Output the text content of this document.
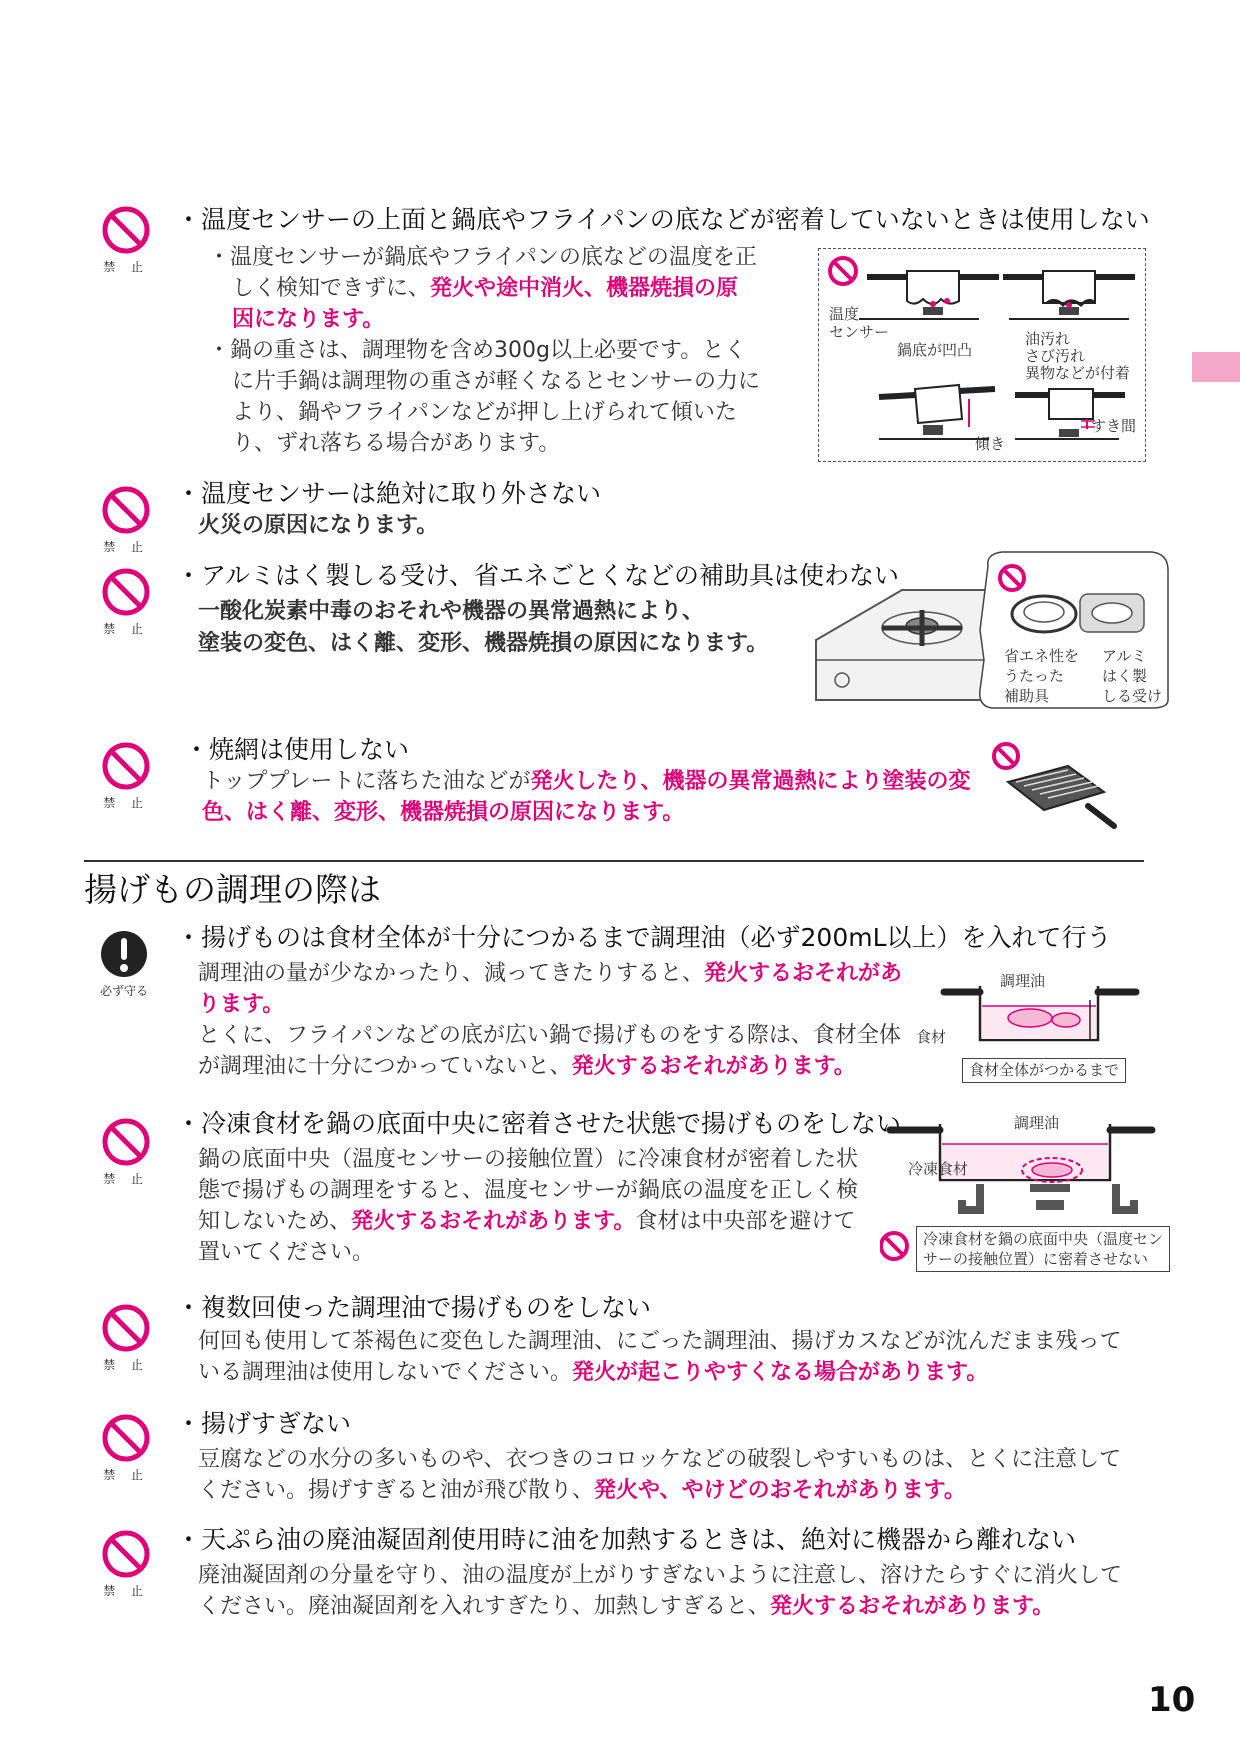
禁 止
・温度センサーの上面と鍋底やフライパンの底などが密着していないときは使用しない

・温度センサーが鍋底やフライパンの底などの温度を正しく検知できずに、発火や途中消火、機器焼損の原因になります。

・鍋の重さは、調理物を含め300g以上必要です。とくに片手鍋は調理物の重さが軽くなるとセンサーの力により、鍋やフライパンなどが押し上げられて傾いたり、ずれ落ちる場合があります。

温度
センサー
鍋底が凹凸
油汚れ
さび汚れ
異物などが付着
傾き
すき間
禁 止
・温度センサーは絶対に取り外さない
火災の原因になります。
禁 止
・アルミはく製しる受け、省エネごとくなどの補助具は使わない
一酸化炭素中毒のおそれや機器の異常過熱により、
塗装の変色、はく離、変形、機器焼損の原因になります。	省エネ性を
うたった
補助具
アルミ
はく製
しる受け
禁 止
・焼網は使用しない
トッププレートに落ちた油などが発火したり、機器の異常過熱により塗装の変色、はく離、変形、機器焼損の原因になります。
揚げもの調理の際は
必ず守る
・揚げものは食材全体が十分につかるまで調理油（必ず200mL以上）を入れて行う

調理油の量が少なかったり、減ってきたりすると、発火するおそれがあります。

とくに、フライパンなどの底が広い鍋で揚げものをする際は、食材全体が調理油に十分につかっていないと、発火するおそれがあります。

調理油
食材
食材全体がつかるまで
禁 止
・冷凍食材を鍋の底面中央に密着させた状態で揚げものをしない
鍋の底面中央（温度センサーの接触位置）に冷凍食材が密着した状態で揚げもの調理をすると、温度センサーが鍋底の温度を正しく検知しないため、発火するおそれがあります。食材は中央部を避けて置いてください。
調理油
冷凍食材
冷凍食材を鍋の底面中央（温度センサーの接触位置）に密着させない
禁 止
・複数回使った調理油で揚げものをしない
何回も使用して茶褐色に変色した調理油、にごった調理油、揚げカスなどが沈んだまま残っている調理油は使用しないでください。発火が起こりやすくなる場合があります。
禁 止
・揚げすぎない
豆腐などの水分の多いものや、衣つきのコロッケなどの破裂しやすいものは、とくに注意してください。揚げすぎると油が飛び散り、発火や、やけどのおそれがあります。
禁 止
・天ぷら油の廃油凝固剤使用時に油を加熱するときは、絶対に機器から離れない
廃油凝固剤の分量を守り、油の温度が上がりすぎないように注意し、溶けたらすぐに消火してください。廃油凝固剤を入れすぎたり、加熱しすぎると、発火するおそれがあります。
10
